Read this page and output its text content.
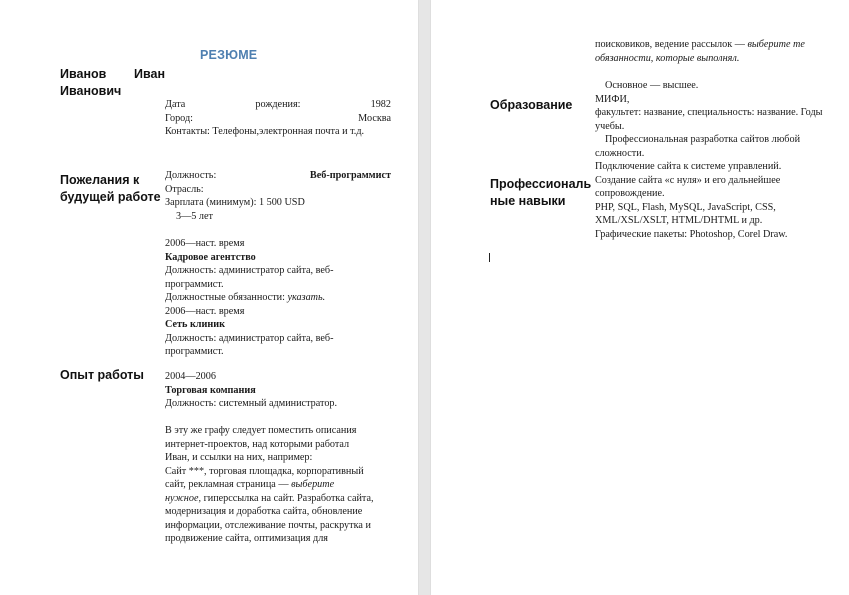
РЕЗЮМЕ
Иванов Иван
Иванович
Дата	рождения:	1982
Город:	Москва
Контакты: Телефоны,электронная почта и т.д.
Пожелания к
будущей работе
Должность:	Веб-программист
Отрасль:
Зарплата (минимум): 1 500 USD
3—5 лет
2006—наст. время
Кадровое агентство
Должность: администратор сайта, веб-
программист.
Должностные обязанности: указать.
2006—наст. время
Сеть клиник
Должность: администратор сайта, веб-
программист.
Опыт работы 2004—2006
Торговая компания
Должность: системный администратор.
В эту же графу следует поместить описания
интернет-проектов, над которыми работал
Иван, и ссылки на них, например:
Сайт ***, торговая площадка, корпоративный
сайт, рекламная страница — выберите
нужное, гиперссылка на сайт. Разработка сайта,
модернизация и доработка сайта, обновление
информации, отслеживание почты, раскрутка и
продвижение сайта, оптимизация для
поисковиков, ведение рассылок — выберите те
обязанности, которые выполнял.
Образование
Основное — высшее.
МИФИ,
факультет: название, специальность: название. Годы учебы.
Профессиональная разработка сайтов любой сложности.
Подключение сайта к системе управлений.
Создание сайта «с нуля» и его дальнейшее сопровождение.
PHP, SQL, Flash, MySQL, JavaScript, CSS, XML/XSL/XSLT, HTML/DHTML и др.
Графические пакеты: Photoshop, Corel Draw.
Профессиональ
ные навыки
